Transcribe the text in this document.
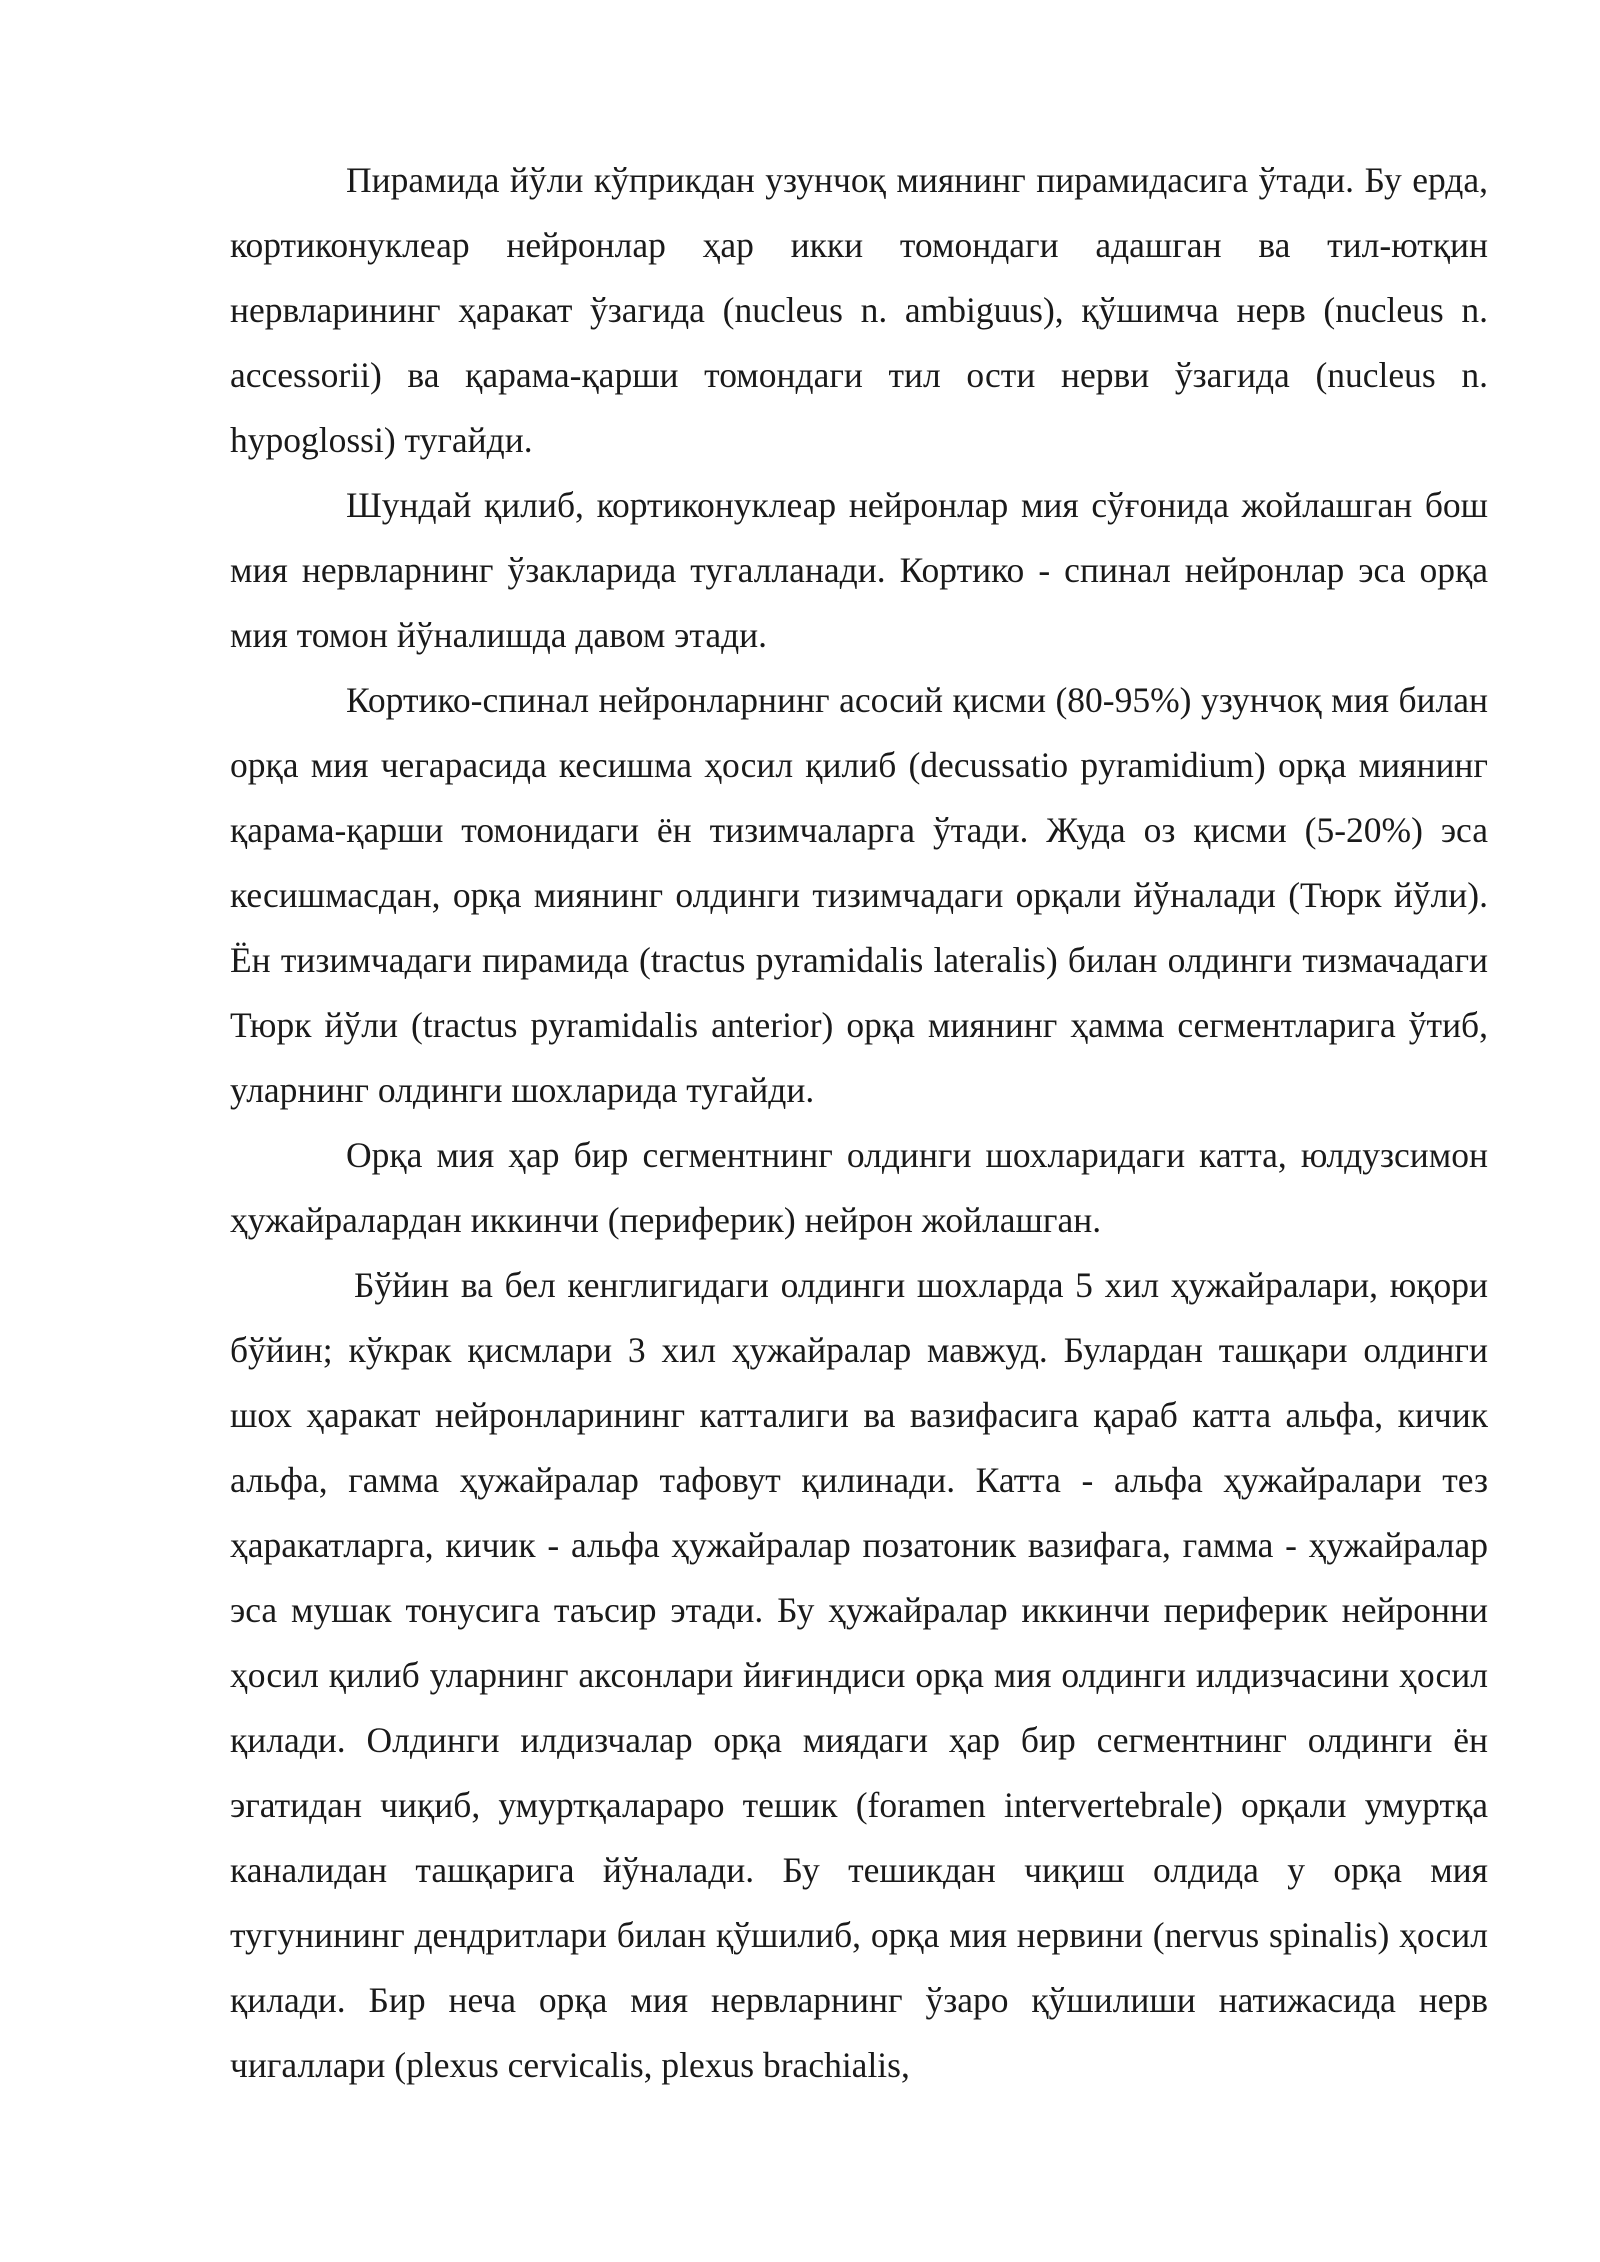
Пирамида йўли кўприкдан узунчоқ миянинг пирамидасига ўтади. Бу ерда, кортиконуклеар нейронлар ҳар икки томондаги адашган ва тил-ютқин нервларининг ҳаракат ўзагида (nucleus n. ambiguus), қўшимча нерв (nucleus n. accessorii) ва қарама-қарши томондаги тил ости нерви ўзагида (nucleus n. hypoglossi) тугайди.

Шундай қилиб, кортиконуклеар нейронлар мия сўғонида жойлашган бош мия нервларнинг ўзакларида тугалланади. Кортико - спинал нейронлар эса орқа мия томон йўналишда давом этади.

Кортико-спинал нейронларнинг асосий қисми (80-95%) узунчоқ мия билан орқа мия чегарасида кесишма ҳосил қилиб (decussatio pyramidium) орқа миянинг қарама-қарши томонидаги ён тизимчаларга ўтади. Жуда оз қисми (5-20%) эса кесишмасдан, орқа миянинг олдинги тизимчадаги орқали йўналади (Тюрк йўли). Ён тизимчадаги пирамида (tractus pyramidalis lateralis) билан олдинги тизмачадаги Тюрк йўли (tractus pyramidalis anterior) орқа миянинг ҳамма сегментларига ўтиб, уларнинг олдинги шохларида тугайди.

Орқа мия ҳар бир сегментнинг олдинги шохларидаги катта, юлдузсимон ҳужайралардан иккинчи (периферик) нейрон жойлашган.

Бўйин ва бел кенглигидаги олдинги шохларда 5 хил ҳужайралари, юқори бўйин; кўкрак қисмлари 3 хил ҳужайралар мавжуд. Булардан ташқари олдинги шох ҳаракат нейронларининг катталиги ва вазифасига қараб катта альфа, кичик альфа, гамма ҳужайралар тафовут қилинади. Катта - альфа ҳужайралари тез ҳаракатларга, кичик - альфа ҳужайралар позатоник вазифага, гамма - ҳужайралар эса мушак тонусига таъсир этади. Бу ҳужайралар иккинчи периферик нейронни ҳосил қилиб уларнинг аксонлари йиғиндиси орқа мия олдинги илдизчасини ҳосил қилади. Олдинги илдизчалар орқа миядаги ҳар бир сегментнинг олдинги ён эгатидан чиқиб, умуртқалараро тешик (foramen intervertebrale) орқали умуртқа каналидан ташқарига йўналади. Бу тешикдан чиқиш олдида у орқа мия тугунининг дендритлари билан қўшилиб, орқа мия нервини (nervus spinalis) ҳосил қилади. Бир неча орқа мия нервларнинг ўзаро қўшилиши натижасида нерв чигаллари (plexus cervicalis, plexus brachialis,
